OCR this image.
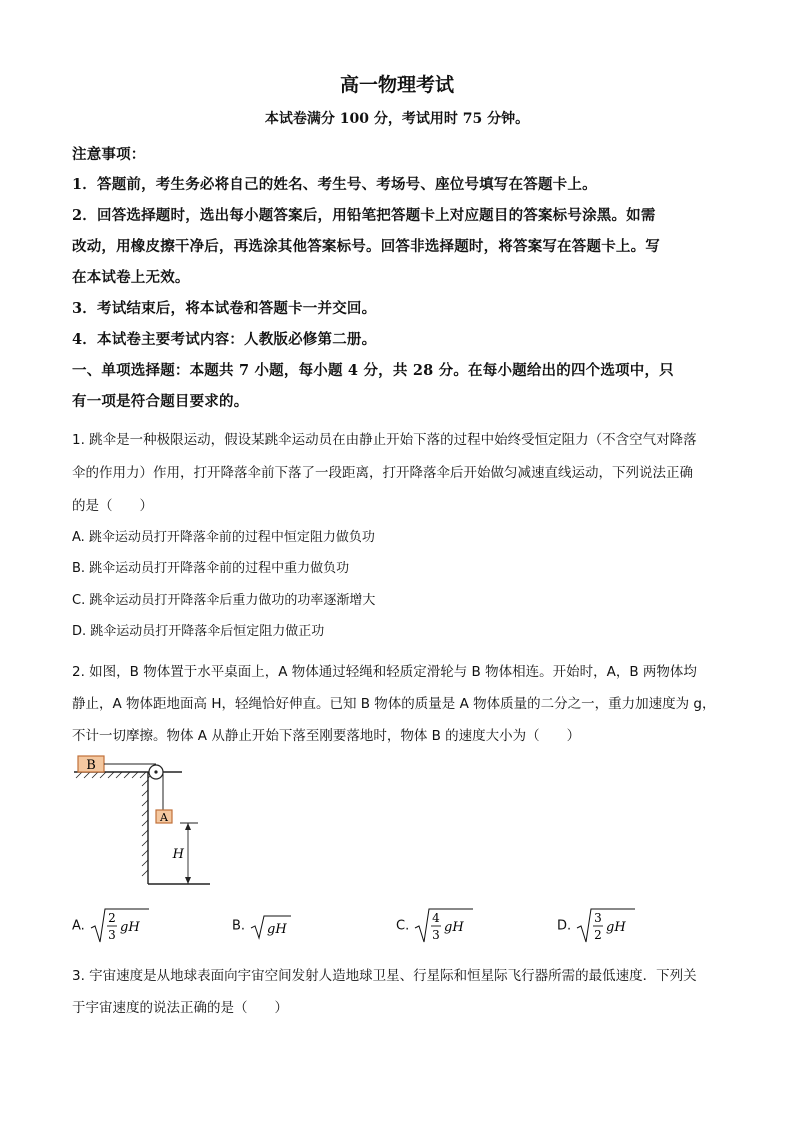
高一物理考试
本试卷满分 100 分，考试用时 75 分钟。
注意事项：
1．答题前，考生务必将自己的姓名、考生号、考场号、座位号填写在答题卡上。
2．回答选择题时，选出每小题答案后，用铅笔把答题卡上对应题目的答案标号涂黑。如需
改动，用橡皮擦干净后，再选涂其他答案标号。回答非选择题时，将答案写在答题卡上。写
在本试卷上无效。
3．考试结束后，将本试卷和答题卡一并交回。
4．本试卷主要考试内容：人教版必修第二册。
一、单项选择题：本题共 7 小题，每小题 4 分，共 28 分。在每小题给出的四个选项中，只
有一项是符合题目要求的。
1. 跳伞是一种极限运动，假设某跳伞运动员在由静止开始下落的过程中始终受恒定阻力（不含空气对降落
伞的作用力）作用，打开降落伞前下落了一段距离，打开降落伞后开始做匀减速直线运动，下列说法正确
的是（　　）
A. 跳伞运动员打开降落伞前的过程中恒定阻力做负功
B. 跳伞运动员打开降落伞前的过程中重力做负功
C. 跳伞运动员打开降落伞后重力做功的功率逐渐增大
D. 跳伞运动员打开降落伞后恒定阻力做正功
2. 如图，B 物体置于水平桌面上，A 物体通过轻绳和轻质定滑轮与 B 物体相连。开始时，A，B 两物体均
静止，A 物体距地面高 H，轻绳恰好伸直。已知 B 物体的质量是 A 物体质量的二分之一，重力加速度为 g，
不计一切摩擦。物体 A 从静止开始下落至刚要落地时，物体 B 的速度大小为（　　）
B
A
H
A.
2
3 gH	B. gH	C.
4
3 gH	D.
3
2 gH
3. 宇宙速度是从地球表面向宇宙空间发射人造地球卫星、行星际和恒星际飞行器所需的最低速度．下列关
于宇宙速度的说法正确的是（　　）
